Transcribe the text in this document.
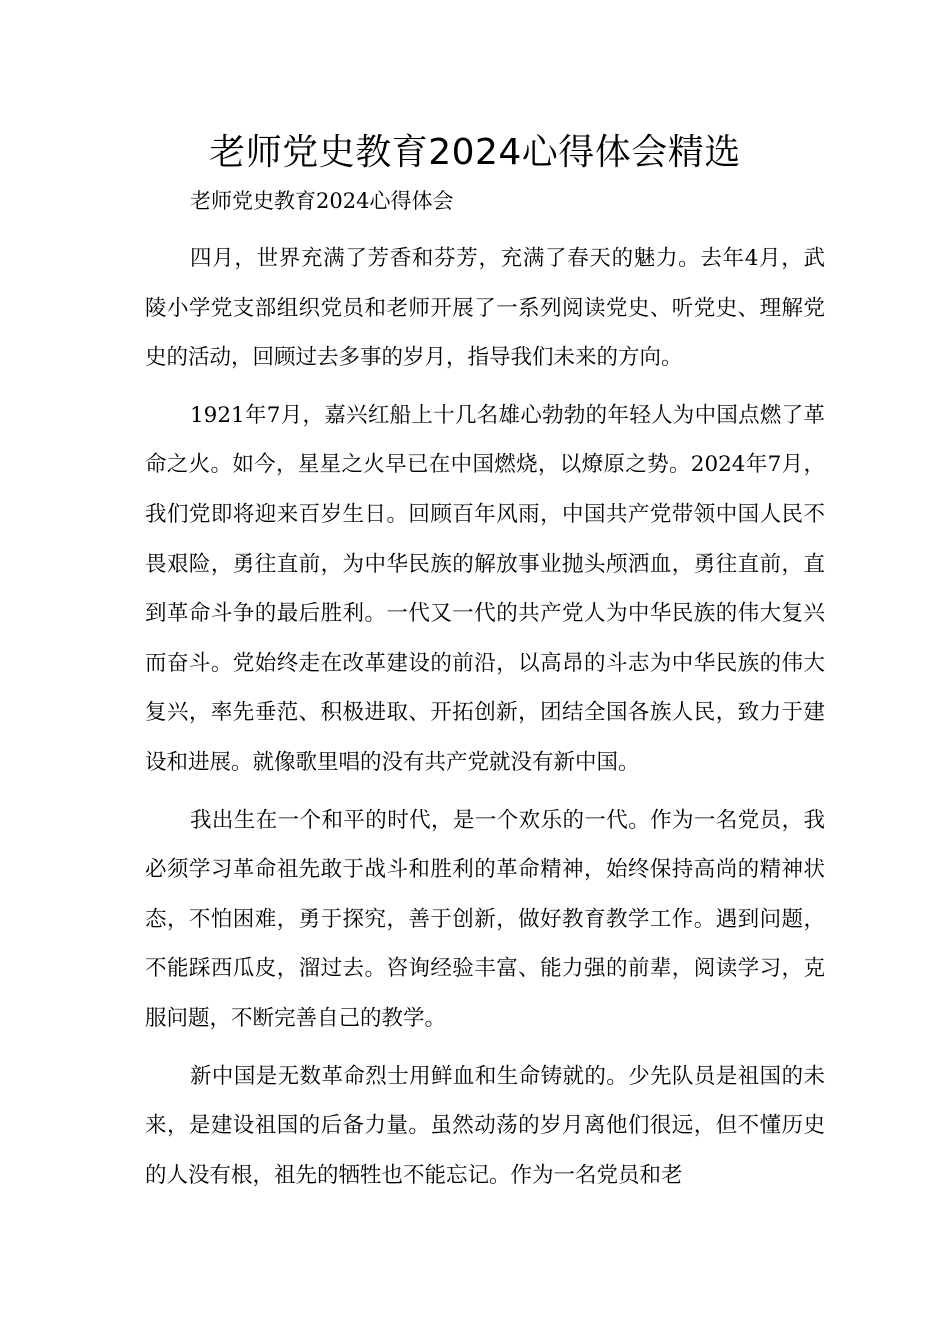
老师党史教育2024心得体会精选

老师党史教育2024心得体会

四月，世界充满了芳香和芬芳，充满了春天的魅力。去年4月，武陵小学党支部组织党员和老师开展了一系列阅读党史、听党史、理解党史的活动，回顾过去多事的岁月，指导我们未来的方向。

1921年7月，嘉兴红船上十几名雄心勃勃的年轻人为中国点燃了革命之火。如今，星星之火早已在中国燃烧，以燎原之势。2024年7月，我们党即将迎来百岁生日。回顾百年风雨，中国共产党带领中国人民不畏艰险，勇往直前，为中华民族的解放事业抛头颅洒血，勇往直前，直到革命斗争的最后胜利。一代又一代的共产党人为中华民族的伟大复兴而奋斗。党始终走在改革建设的前沿，以高昂的斗志为中华民族的伟大复兴，率先垂范、积极进取、开拓创新，团结全国各族人民，致力于建设和进展。就像歌里唱的没有共产党就没有新中国。

我出生在一个和平的时代，是一个欢乐的一代。作为一名党员，我必须学习革命祖先敢于战斗和胜利的革命精神，始终保持高尚的精神状态，不怕困难，勇于探究，善于创新，做好教育教学工作。遇到问题，不能踩西瓜皮，溜过去。咨询经验丰富、能力强的前辈，阅读学习，克服问题，不断完善自己的教学。

新中国是无数革命烈士用鲜血和生命铸就的。少先队员是祖国的未来，是建设祖国的后备力量。虽然动荡的岁月离他们很远，但不懂历史的人没有根，祖先的牺牲也不能忘记。作为一名党员和老
